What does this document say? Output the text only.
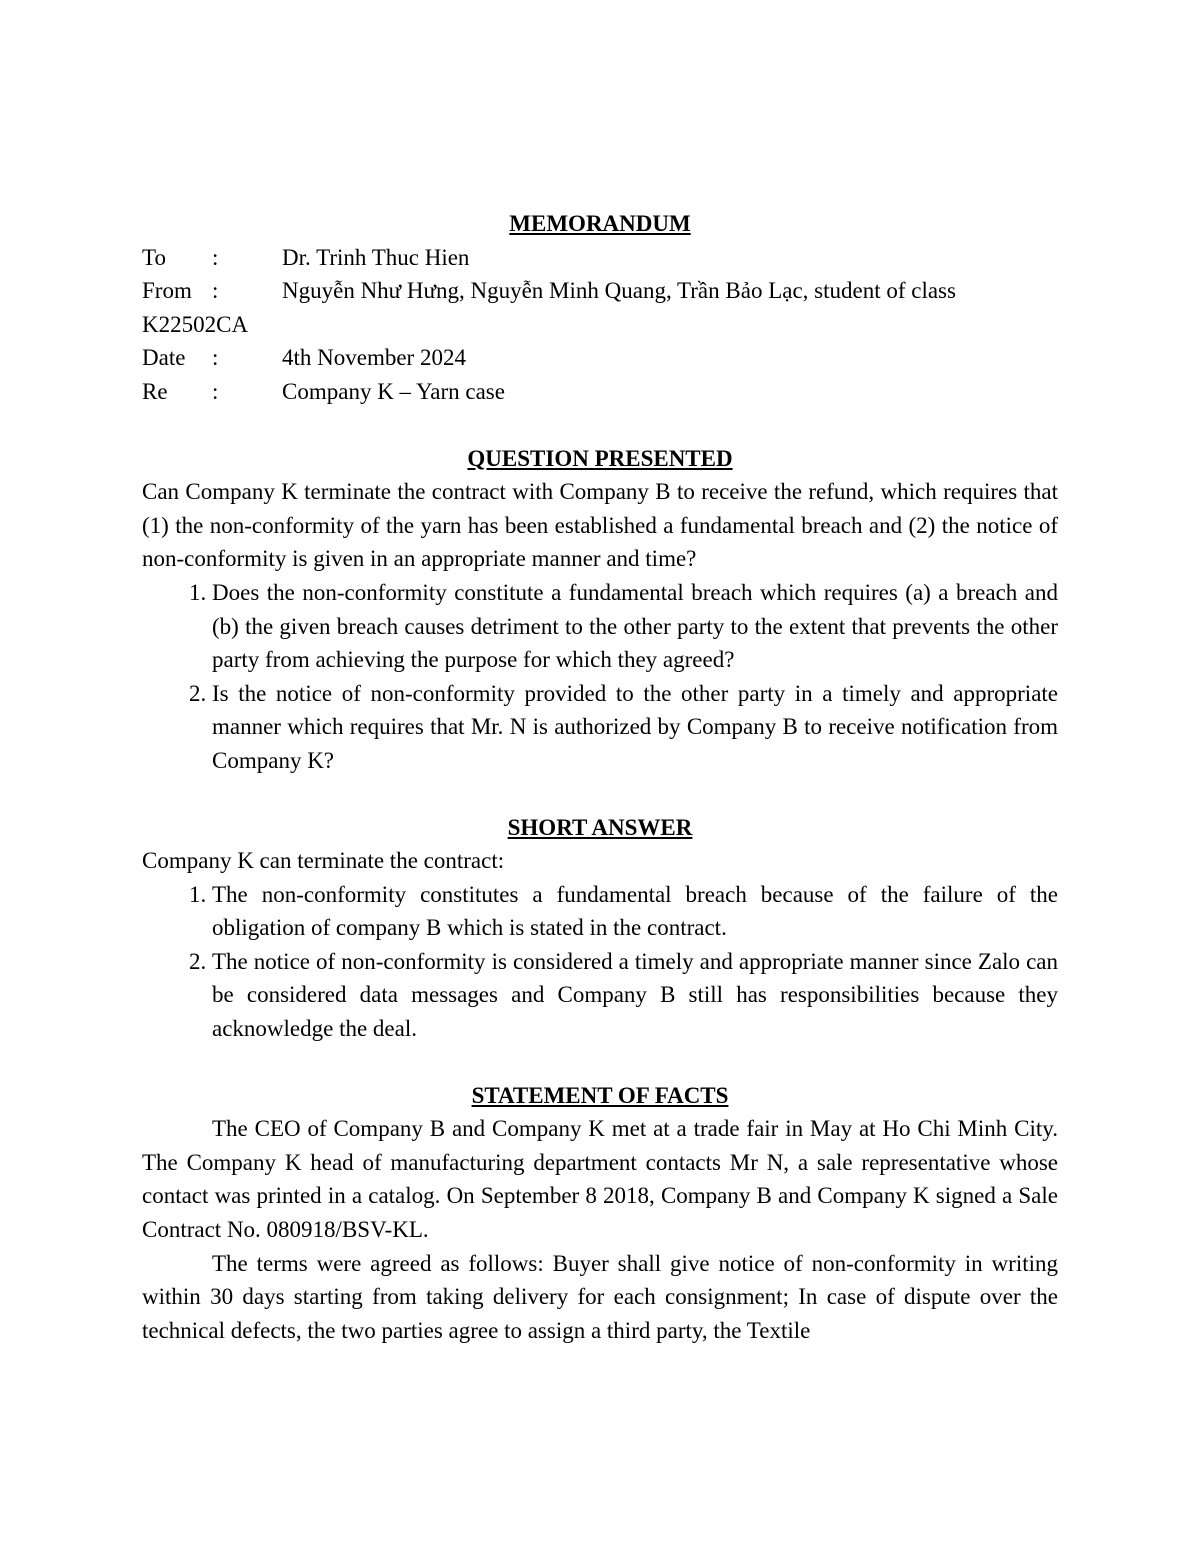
MEMORANDUM

To	:	Dr. Trinh Thuc Hien
From :	Nguyễn Như Hưng, Nguyễn Minh Quang, Trần Bảo Lạc, student of class
K22502CA
Date	:	4th November 2024
Re	:	Company K – Yarn case

QUESTION PRESENTED

Can Company K terminate the contract with Company B to receive the refund, which requires that (1) the non-conformity of the yarn has been established a fundamental breach and (2) the notice of non-conformity is given in an appropriate manner and time?

1. Does the non-conformity constitute a fundamental breach which requires (a) a breach and (b) the given breach causes detriment to the other party to the extent that prevents the other party from achieving the purpose for which they agreed?
2. Is the notice of non-conformity provided to the other party in a timely and appropriate manner which requires that Mr. N is authorized by Company B to receive notification from Company K?

SHORT ANSWER

Company K can terminate the contract:

1. The non-conformity constitutes a fundamental breach because of the failure of the obligation of company B which is stated in the contract.
2. The notice of non-conformity is considered a timely and appropriate manner since Zalo can be considered data messages and Company B still has responsibilities because they acknowledge the deal.

STATEMENT OF FACTS

The CEO of Company B and Company K met at a trade fair in May at Ho Chi Minh City. The Company K head of manufacturing department contacts Mr N, a sale representative whose contact was printed in a catalog. On September 8 2018, Company B and Company K signed a Sale Contract No. 080918/BSV-KL.

The terms were agreed as follows: Buyer shall give notice of non-conformity in writing within 30 days starting from taking delivery for each consignment; In case of dispute over the technical defects, the two parties agree to assign a third party, the Textile
